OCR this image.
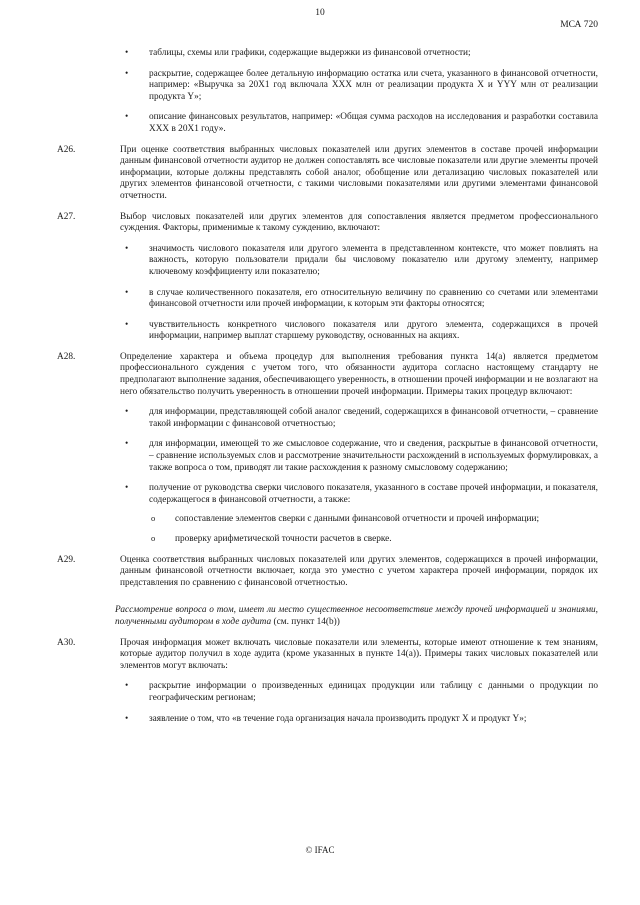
10
МСА 720

• таблицы, схемы или графики, содержащие выдержки из финансовой отчетности;

• раскрытие, содержащее более детальную информацию остатка или счета, указанного в финансовой отчетности, например: «Выручка за 20X1 год включала XXX млн от реализации продукта X и YYY млн от реализации продукта Y»;

• описание финансовых результатов, например: «Общая сумма расходов на исследования и разработки составила XXX в 20X1 году».

A26.	При оценке соответствия выбранных числовых показателей или других элементов в составе прочей информации данным финансовой отчетности аудитор не должен сопоставлять все числовые показатели или другие элементы прочей информации, которые должны представлять собой аналог, обобщение или детализацию числовых показателей или других элементов финансовой отчетности, с такими числовыми показателями или другими элементами финансовой отчетности.

A27.	Выбор числовых показателей или других элементов для сопоставления является предметом профессионального суждения. Факторы, применимые к такому суждению, включают:

• значимость числового показателя или другого элемента в представленном контексте, что может повлиять на важность, которую пользователи придали бы числовому показателю или другому элементу, например ключевому коэффициенту или показателю;

• в случае количественного показателя, его относительную величину по сравнению со счетами или элементами финансовой отчетности или прочей информации, к которым эти факторы относятся;

• чувствительность конкретного числового показателя или другого элемента, содержащихся в прочей информации, например выплат старшему руководству, основанных на акциях.

A28.	Определение характера и объема процедур для выполнения требования пункта 14(а) является предметом профессионального суждения с учетом того, что обязанности аудитора согласно настоящему стандарту не предполагают выполнение задания, обеспечивающего уверенность, в отношении прочей информации и не возлагают на него обязательство получить уверенность в отношении прочей информации. Примеры таких процедур включают:

• для информации, представляющей собой аналог сведений, содержащихся в финансовой отчетности, – сравнение такой информации с финансовой отчетностью;

• для информации, имеющей то же смысловое содержание, что и сведения, раскрытые в финансовой отчетности, – сравнение используемых слов и рассмотрение значительности расхождений в используемых формулировках, а также вопроса о том, приводят ли такие расхождения к разному смысловому содержанию;

• получение от руководства сверки числового показателя, указанного в составе прочей информации, и показателя, содержащегося в финансовой отчетности, а также:

o сопоставление элементов сверки с данными финансовой отчетности и прочей информации;

o проверку арифметической точности расчетов в сверке.

A29.	Оценка соответствия выбранных числовых показателей или других элементов, содержащихся в прочей информации, данным финансовой отчетности включает, когда это уместно с учетом характера прочей информации, порядок их представления по сравнению с финансовой отчетностью.

Рассмотрение вопроса о том, имеет ли место существенное несоответствие между прочей информацией и знаниями, полученными аудитором в ходе аудита (см. пункт 14(b))

A30.	Прочая информация может включать числовые показатели или элементы, которые имеют отношение к тем знаниям, которые аудитор получил в ходе аудита (кроме указанных в пункте 14(а)). Примеры таких числовых показателей или элементов могут включать:

• раскрытие информации о произведенных единицах продукции или таблицу с данными о продукции по географическим регионам;

• заявление о том, что «в течение года организация начала производить продукт X и продукт Y»;

© IFAC
